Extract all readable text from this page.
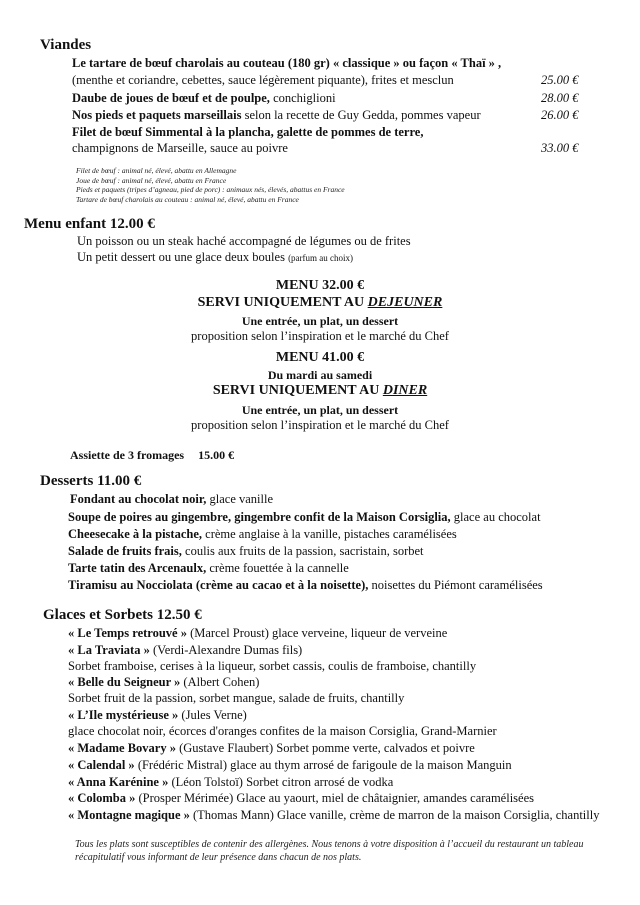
Viandes
Le tartare de bœuf charolais au couteau (180 gr) « classique » ou façon « Thaï » ,
(menthe et coriandre, cebettes, sauce légèrement piquante), frites et mesclun	25.00 €
Daube de joues de bœuf et de poulpe, conchiglioni	28.00 €
Nos pieds et paquets marseillais selon la recette de Guy Gedda, pommes vapeur	26.00 €
Filet de bœuf Simmental à la plancha, galette de pommes de terre,
champignons de Marseille, sauce au poivre	33.00 €
Filet de bœuf : animal né, élevé, abattu en Allemagne
Joue de bœuf : animal né, élevé, abattu en France
Pieds et paquets (tripes d’agneau, pied de porc) : animaux nés, élevés, abattus en France
Tartare de bœuf charolais au couteau : animal né, élevé, abattu en France
Menu enfant 12.00 €
Un poisson ou un steak haché accompagné de légumes ou de frites
Un petit dessert ou une glace deux boules (parfum au choix)
MENU 32.00 €
SERVI UNIQUEMENT AU DEJEUNER
Une entrée, un plat, un dessert
proposition selon l’inspiration et le marché du Chef
MENU 41.00 €
Du mardi au samedi
SERVI UNIQUEMENT AU DINER
Une entrée, un plat, un dessert
proposition selon l’inspiration et le marché du Chef
Assiette de 3 fromages 15.00 €
Desserts 11.00 €
Fondant au chocolat noir, glace vanille
Soupe de poires au gingembre, gingembre confit de la Maison Corsiglia, glace au chocolat
Cheesecake à la pistache, crème anglaise à la vanille, pistaches caramélisées
Salade de fruits frais, coulis aux fruits de la passion, sacristain, sorbet
Tarte tatin des Arcenaulx, crème fouettée à la cannelle
Tiramisu au Nocciolata (crème au cacao et à la noisette), noisettes du Piémont caramélisées
Glaces et Sorbets 12.50 €
« Le Temps retrouvé » (Marcel Proust) glace verveine, liqueur de verveine
« La Traviata » (Verdi-Alexandre Dumas fils)
Sorbet framboise, cerises à la liqueur, sorbet cassis, coulis de framboise, chantilly
« Belle du Seigneur » (Albert Cohen)
Sorbet fruit de la passion, sorbet mangue, salade de fruits, chantilly
« L’Ile mystérieuse » (Jules Verne)
glace chocolat noir, écorces d'oranges confites de la maison Corsiglia, Grand-Marnier
« Madame Bovary » (Gustave Flaubert) Sorbet pomme verte, calvados et poivre
« Calendal » (Frédéric Mistral) glace au thym arrosé de farigoule de la maison Manguin
« Anna Karénine » (Léon Tolstoï) Sorbet citron arrosé de vodka
« Colomba » (Prosper Mérimée) Glace au yaourt, miel de châtaignier, amandes caramélisées
« Montagne magique » (Thomas Mann) Glace vanille, crème de marron de la maison Corsiglia, chantilly
Tous les plats sont susceptibles de contenir des allergènes. Nous tenons à votre disposition à l’accueil du restaurant un tableau récapitulatif vous informant de leur présence dans chacun de nos plats.
